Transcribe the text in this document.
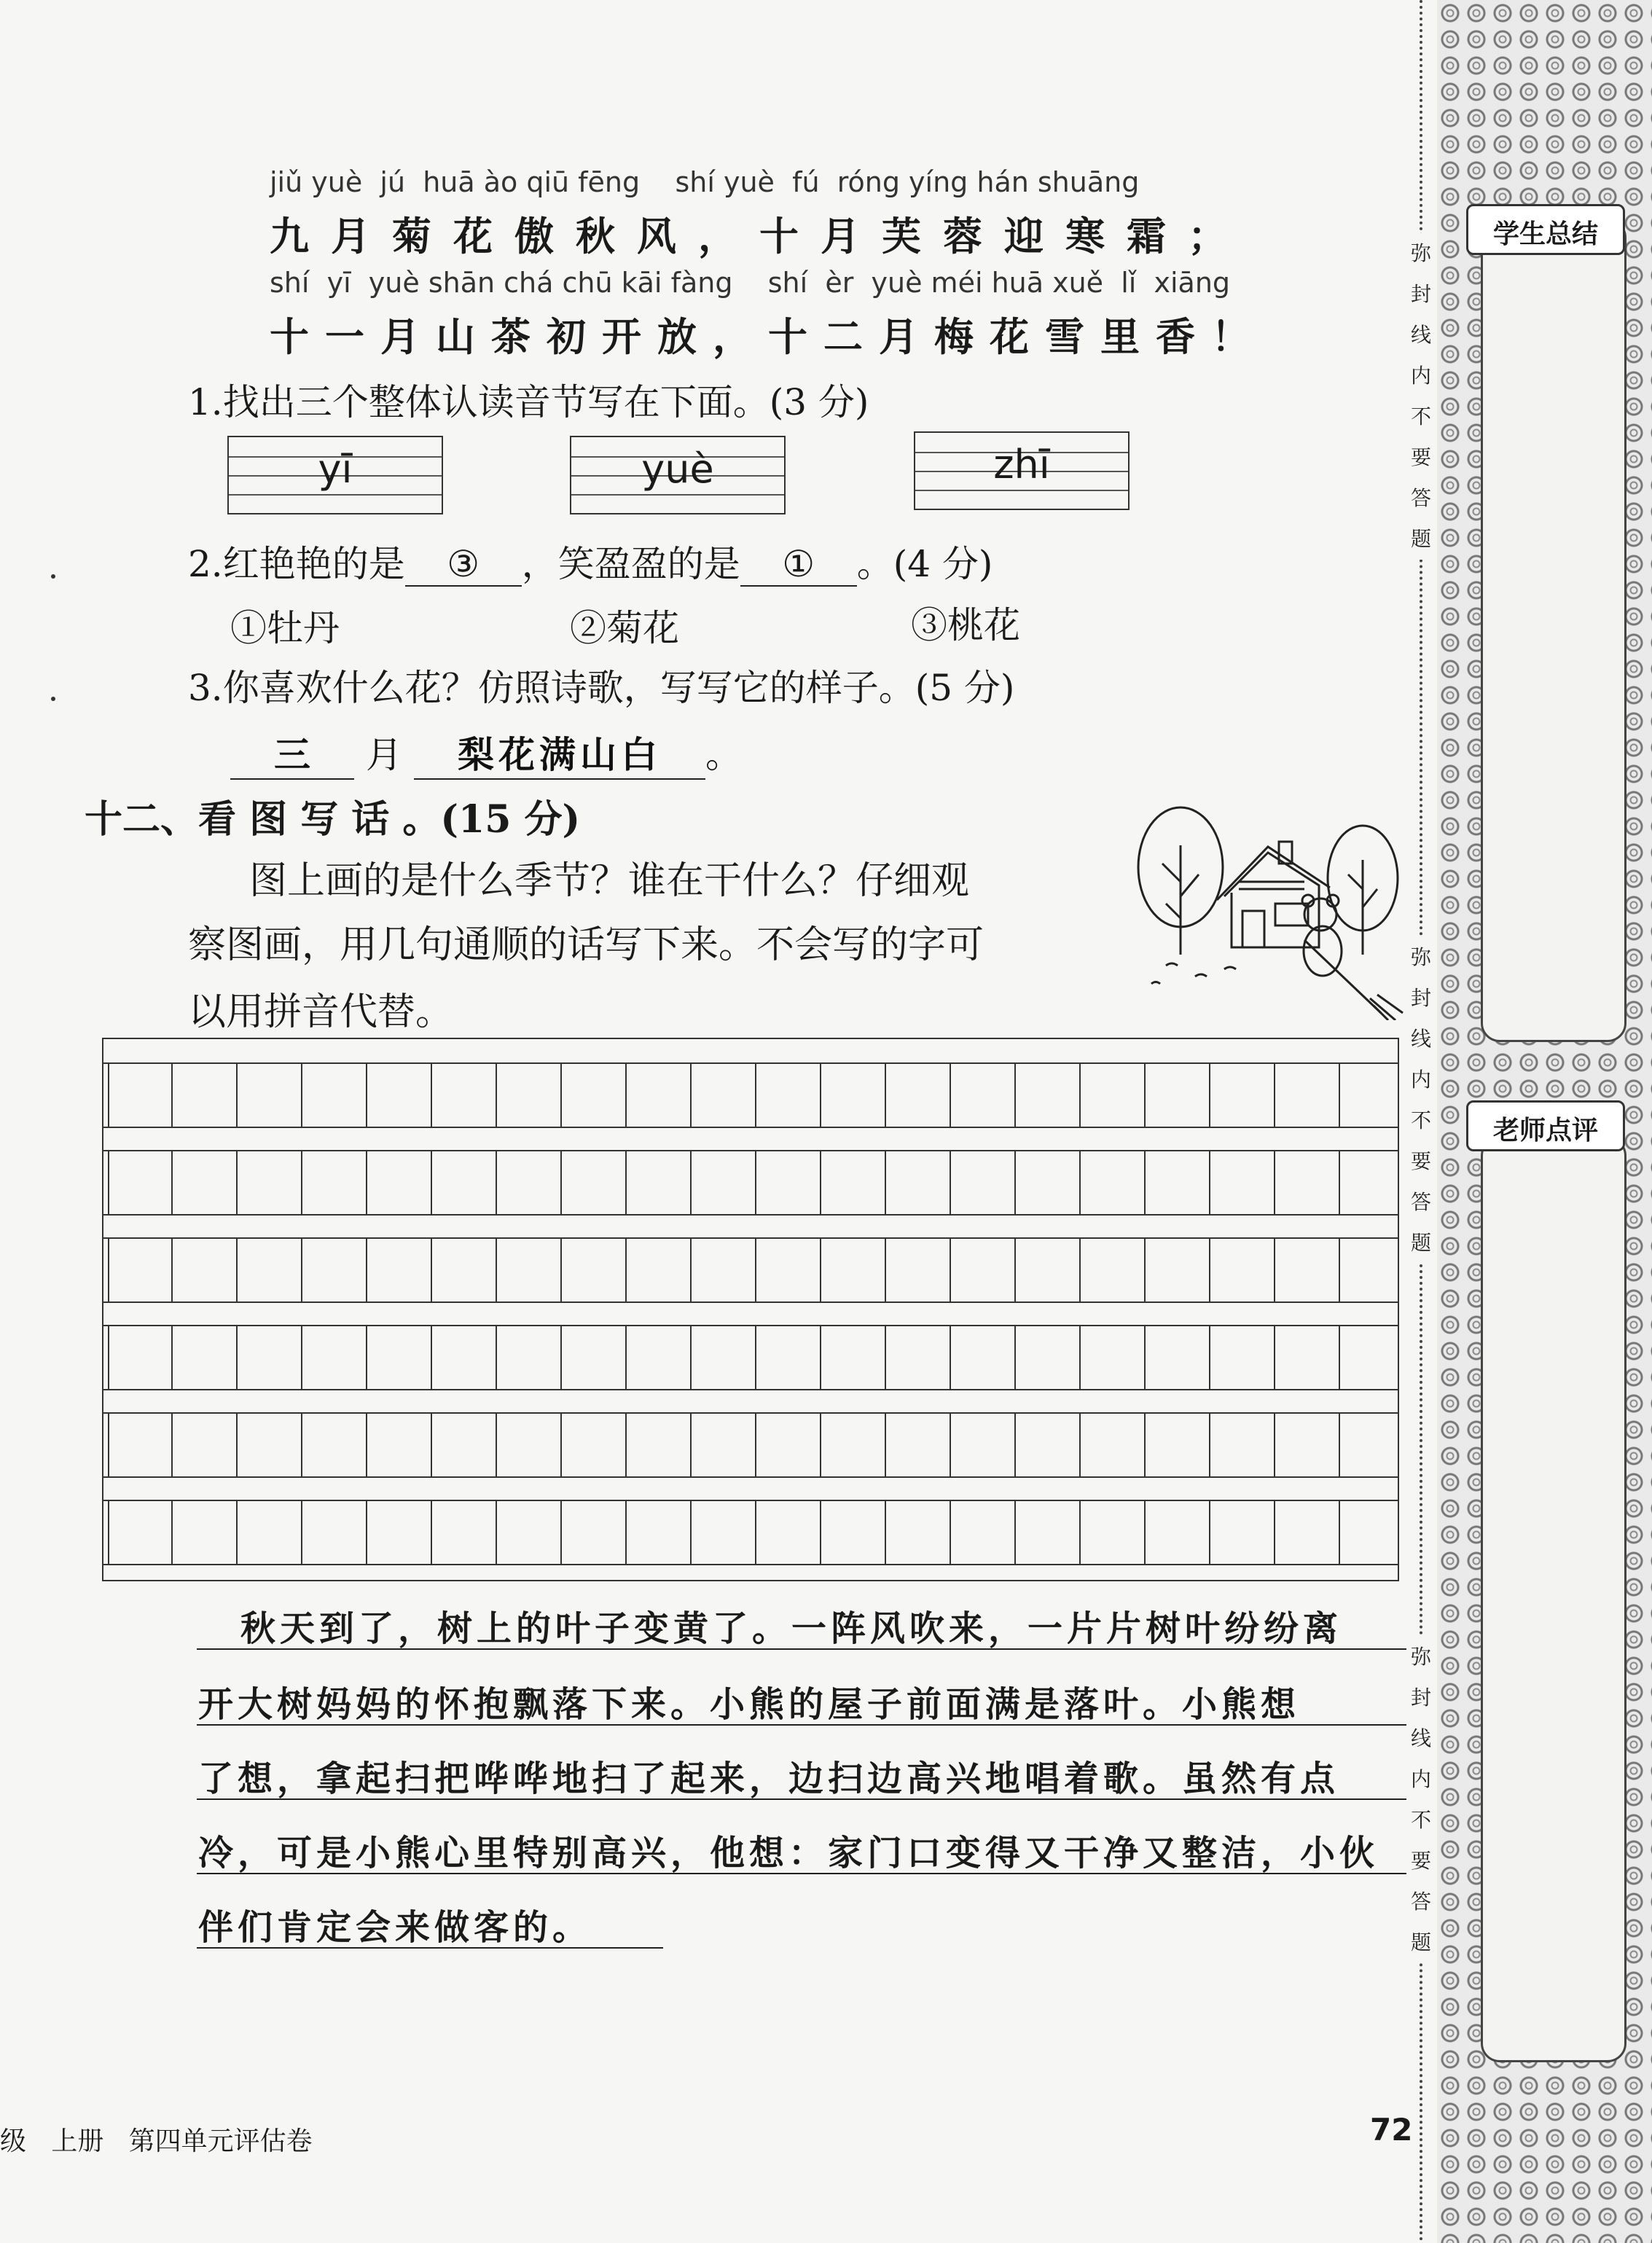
jiǔ yuè  jú  huā ào qiū fēng    shí yuè  fú  róng yíng hán shuāng
九月菊花傲秋风，十月芙蓉迎寒霜；
shí  yī  yuè shān chá chū kāi fàng    shí  èr  yuè méi huā xuě  lǐ  xiāng
十一月山茶初开放，十二月梅花雪里香！
1.找出三个整体认读音节写在下面。(3 分)
yī	yuè	zhī
2.红艳艳的是 ③ ，笑盈盈的是 ① 。(4 分)
①牡丹	②菊花	③桃花
3.你喜欢什么花？仿照诗歌，写写它的样子。(5 分)
三 月 梨花满山白 。
十二、看 图 写 话 。(15 分)
图上画的是什么季节？谁在干什么？仔细观
察图画，用几句通顺的话写下来。不会写的字可
以用拼音代替。
秋天到了，树上的叶子变黄了。一阵风吹来，一片片树叶纷纷离
开大树妈妈的怀抱飘落下来。小熊的屋子前面满是落叶。小熊想
了想，拿起扫把哗哗地扫了起来，边扫边高兴地唱着歌。虽然有点
冷，可是小熊心里特别高兴，他想：家门口变得又干净又整洁，小伙
伴们肯定会来做客的。
弥
封
线
内
不
要
答
题
弥
封
线
内
不
要
答
题
弥
封
线
内
不
要
答
题
学生总结
老师点评
级   上册   第四单元评估卷	72
